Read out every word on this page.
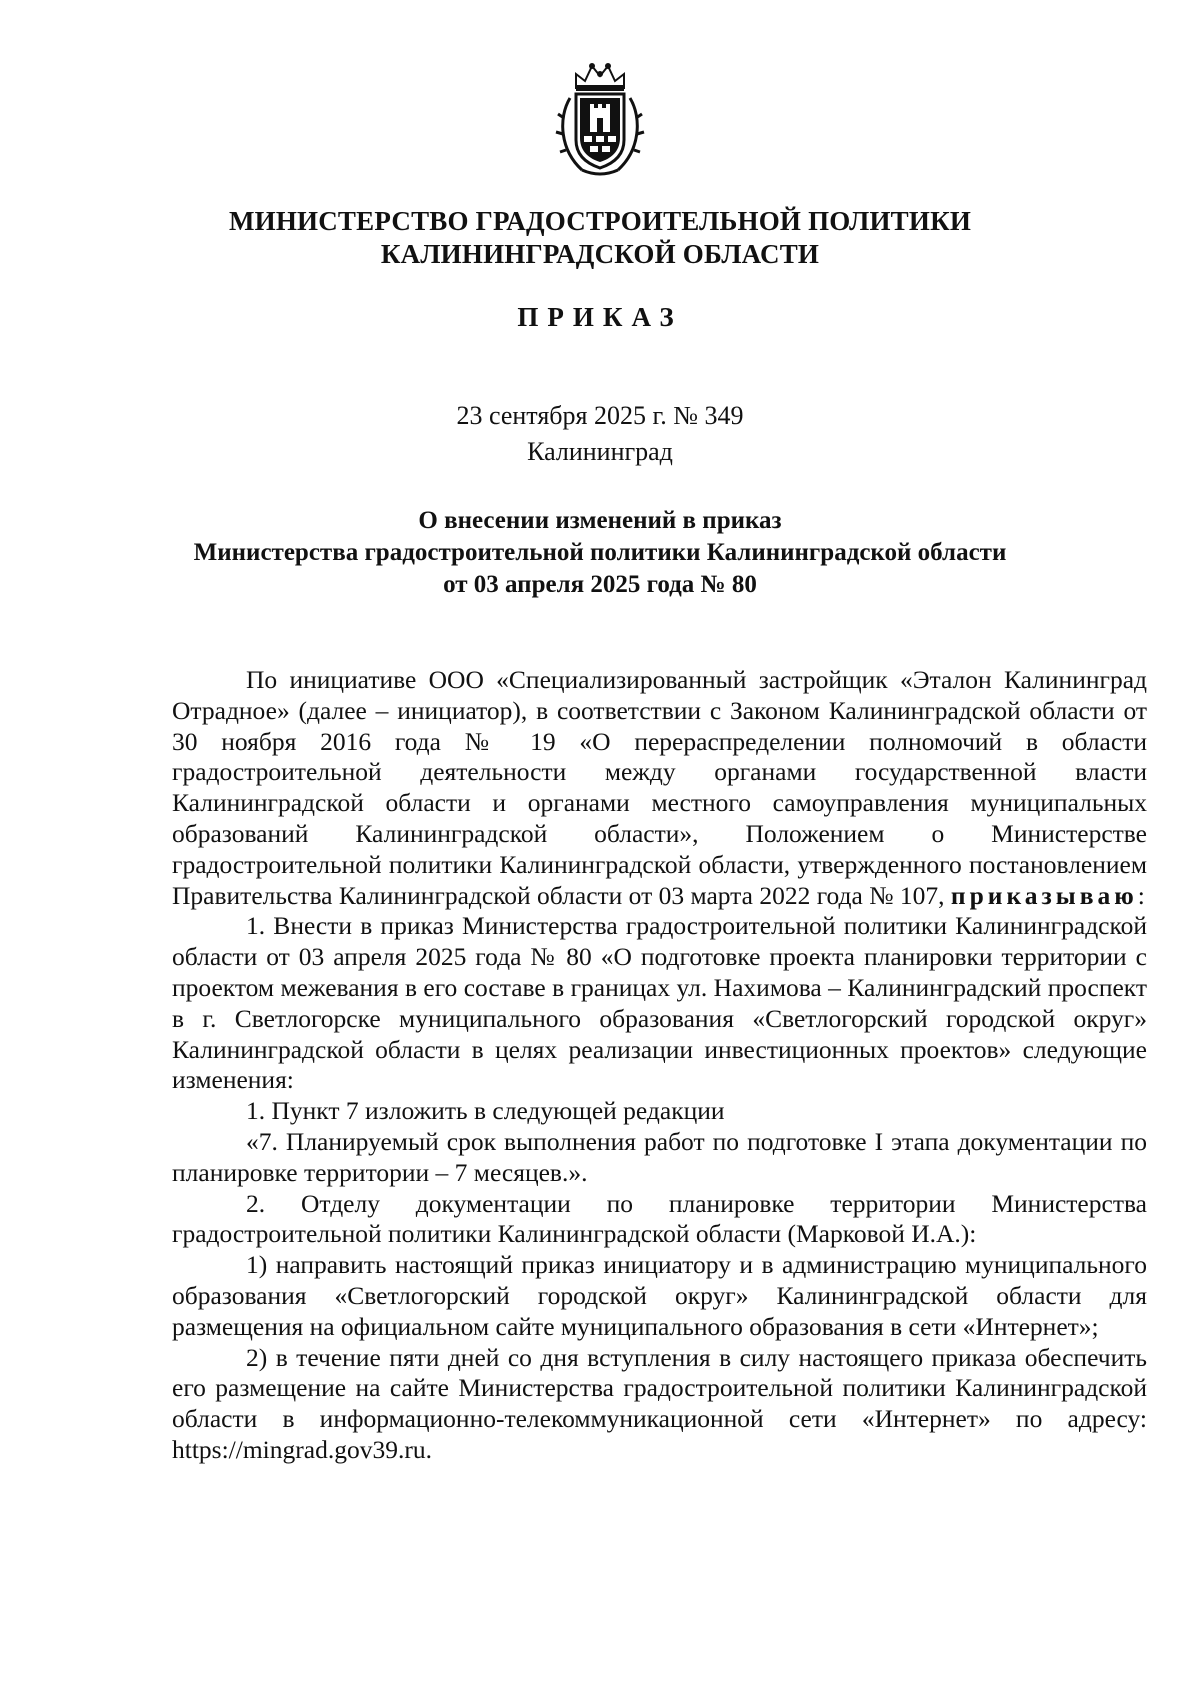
МИНИСТЕРСТВО ГРАДОСТРОИТЕЛЬНОЙ ПОЛИТИКИ
КАЛИНИНГРАДСКОЙ ОБЛАСТИ
ПРИКАЗ
23 сентября 2025 г. № 349
Калининград
О внесении изменений в приказ
Министерства градостроительной политики Калининградской области
от 03 апреля 2025 года № 80

По инициативе ООО «Специализированный застройщик «Эталон Калининград Отрадное» (далее – инициатор), в соответствии с Законом Калининградской области от 30 ноября 2016 года № 19 «О перераспределении полномочий в области градостроительной деятельности между органами государственной власти Калининградской области и органами местного самоуправления муниципальных образований Калининградской области», Положением о Министерстве градостроительной политики Калининградской области, утвержденного постановлением Правительства Калининградской области от 03 марта 2022 года № 107, приказываю:

1. Внести в приказ Министерства градостроительной политики Калининградской области от 03 апреля 2025 года № 80 «О подготовке проекта планировки территории с проектом межевания в его составе в границах ул. Нахимова – Калининградский проспект в г. Светлогорске муниципального образования «Светлогорский городской округ» Калининградской области в целях реализации инвестиционных проектов» следующие изменения:

1. Пункт 7 изложить в следующей редакции

«7. Планируемый срок выполнения работ по подготовке I этапа документации по планировке территории – 7 месяцев.».

2. Отделу документации по планировке территории Министерства градостроительной политики Калининградской области (Марковой И.А.):

1) направить настоящий приказ инициатору и в администрацию муниципального образования «Светлогорский городской округ» Калининградской области для размещения на официальном сайте муниципального образования в сети «Интернет»;

2) в течение пяти дней со дня вступления в силу настоящего приказа обеспечить его размещение на сайте Министерства градостроительной политики Калининградской области в информационно-телекоммуникационной сети «Интернет» по адресу: https://mingrad.gov39.ru.
